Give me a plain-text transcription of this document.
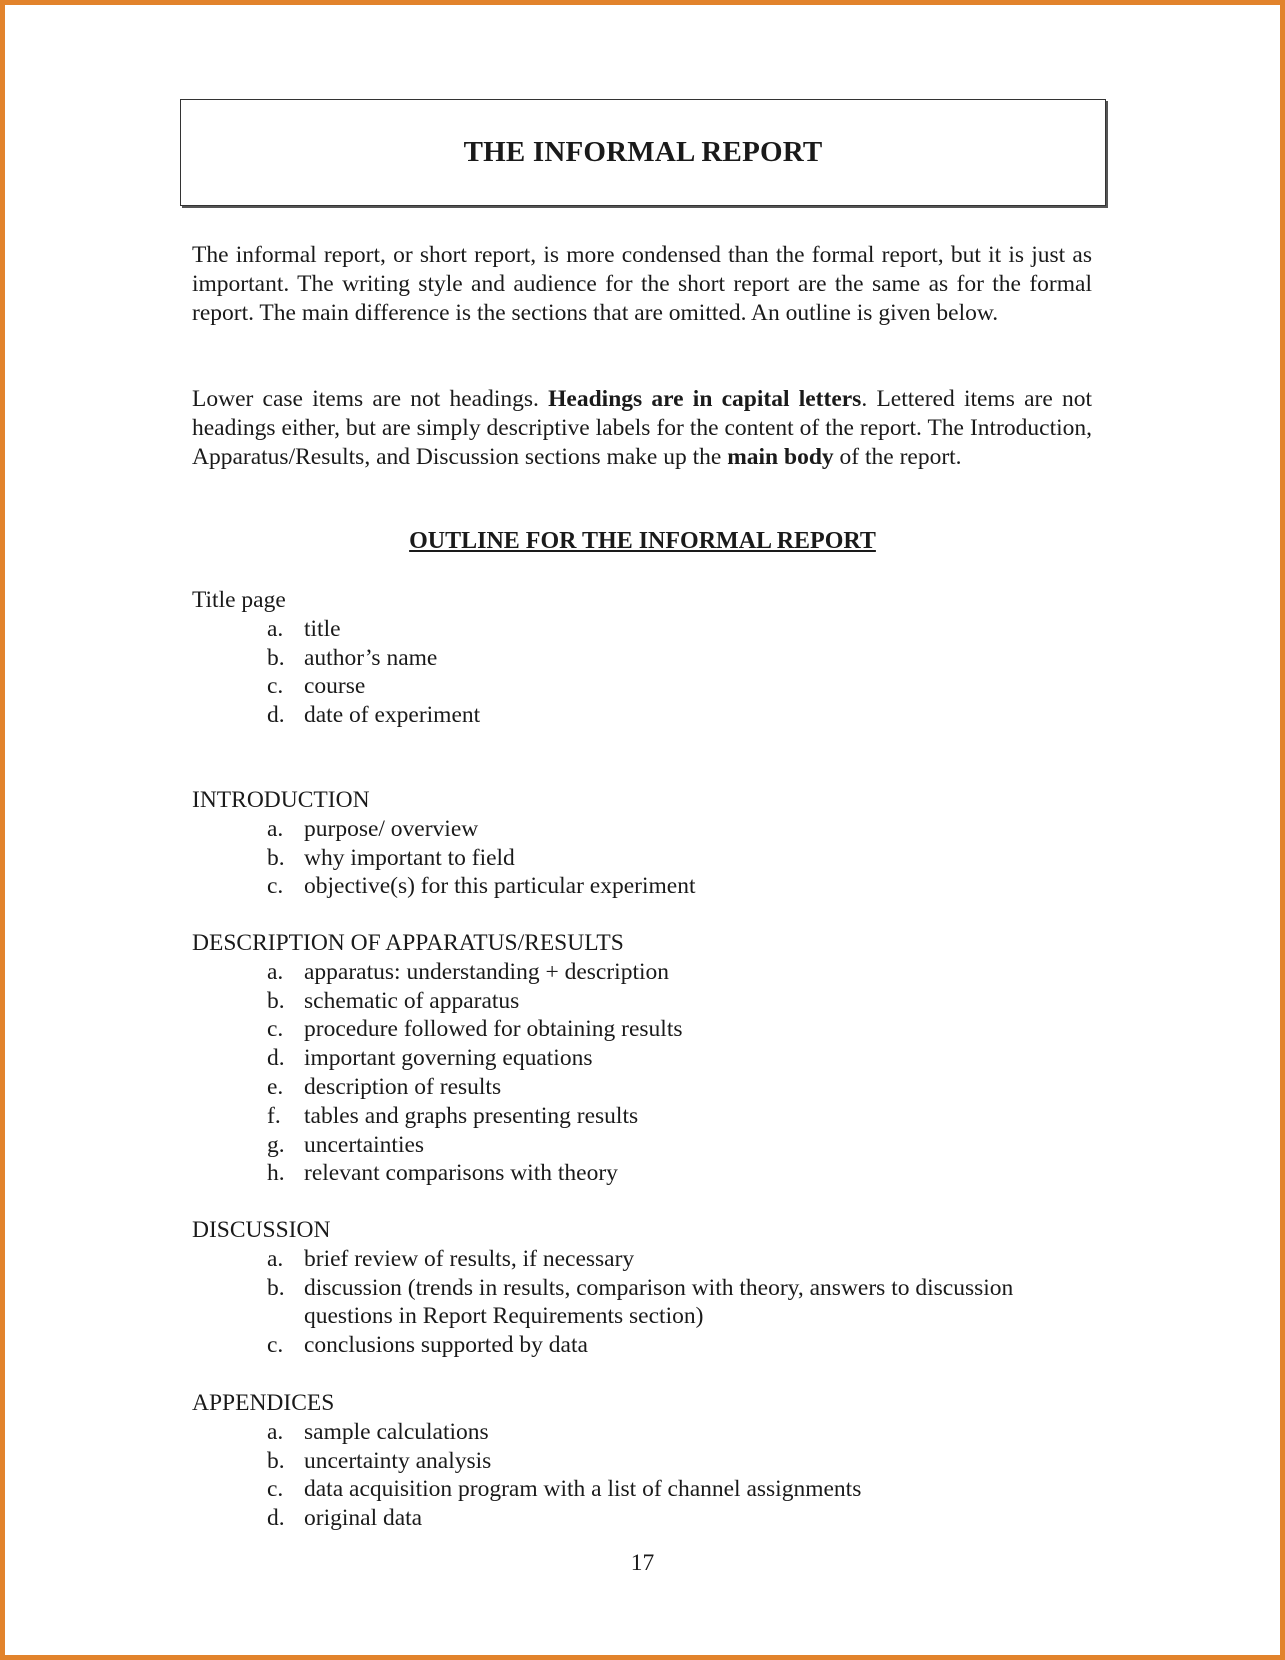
THE INFORMAL REPORT

The informal report, or short report, is more condensed than the formal report, but it is just as important. The writing style and audience for the short report are the same as for the formal report. The main difference is the sections that are omitted. An outline is given below.

Lower case items are not headings. Headings are in capital letters. Lettered items are not headings either, but are simply descriptive labels for the content of the report. The Introduction, Apparatus/Results, and Discussion sections make up the main body of the report.

OUTLINE FOR THE INFORMAL REPORT

Title page

a. title
b. author’s name
c. course
d. date of experiment

INTRODUCTION

a. purpose/ overview
b. why important to field
c. objective(s) for this particular experiment

DESCRIPTION OF APPARATUS/RESULTS

a. apparatus: understanding + description
b. schematic of apparatus
c. procedure followed for obtaining results
d. important governing equations
e. description of results
f. tables and graphs presenting results
g. uncertainties
h. relevant comparisons with theory

DISCUSSION

a. brief review of results, if necessary
b. discussion (trends in results, comparison with theory, answers to discussion questions in Report Requirements section)
c. conclusions supported by data

APPENDICES

a. sample calculations
b. uncertainty analysis
c. data acquisition program with a list of channel assignments
d. original data

17
